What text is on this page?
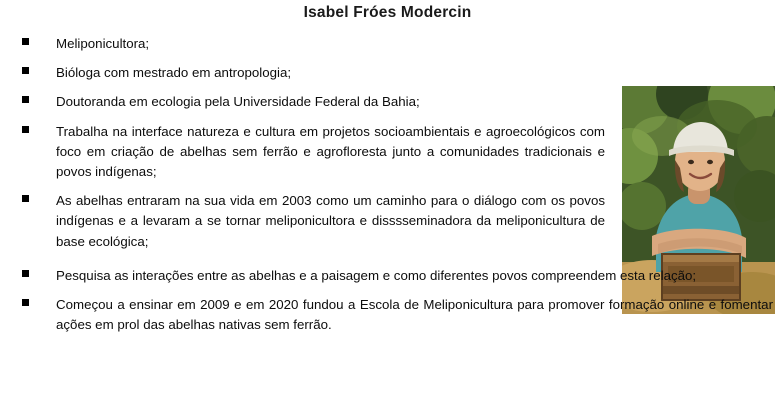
Isabel Fróes Modercin
Meliponicultora;
Bióloga com mestrado em antropologia;
Doutoranda em ecologia pela Universidade Federal da Bahia;
Trabalha na interface natureza e cultura em projetos socioambientais e agroecológicos com foco em criação de abelhas sem ferrão e agrofloresta junto a comunidades tradicionais e povos indígenas;
As abelhas entraram na sua vida em 2003 como um caminho para o diálogo com os povos indígenas e a levaram a se tornar meliponicultora e disssseminadora da meliponicultura de base ecológica;
Pesquisa as interações entre as abelhas e a paisagem e como diferentes povos compreendem esta relação;
Começou a ensinar em 2009 e em 2020 fundou a Escola de Meliponicultura para promover formação online e fomentar ações em prol das abelhas nativas sem ferrão.
